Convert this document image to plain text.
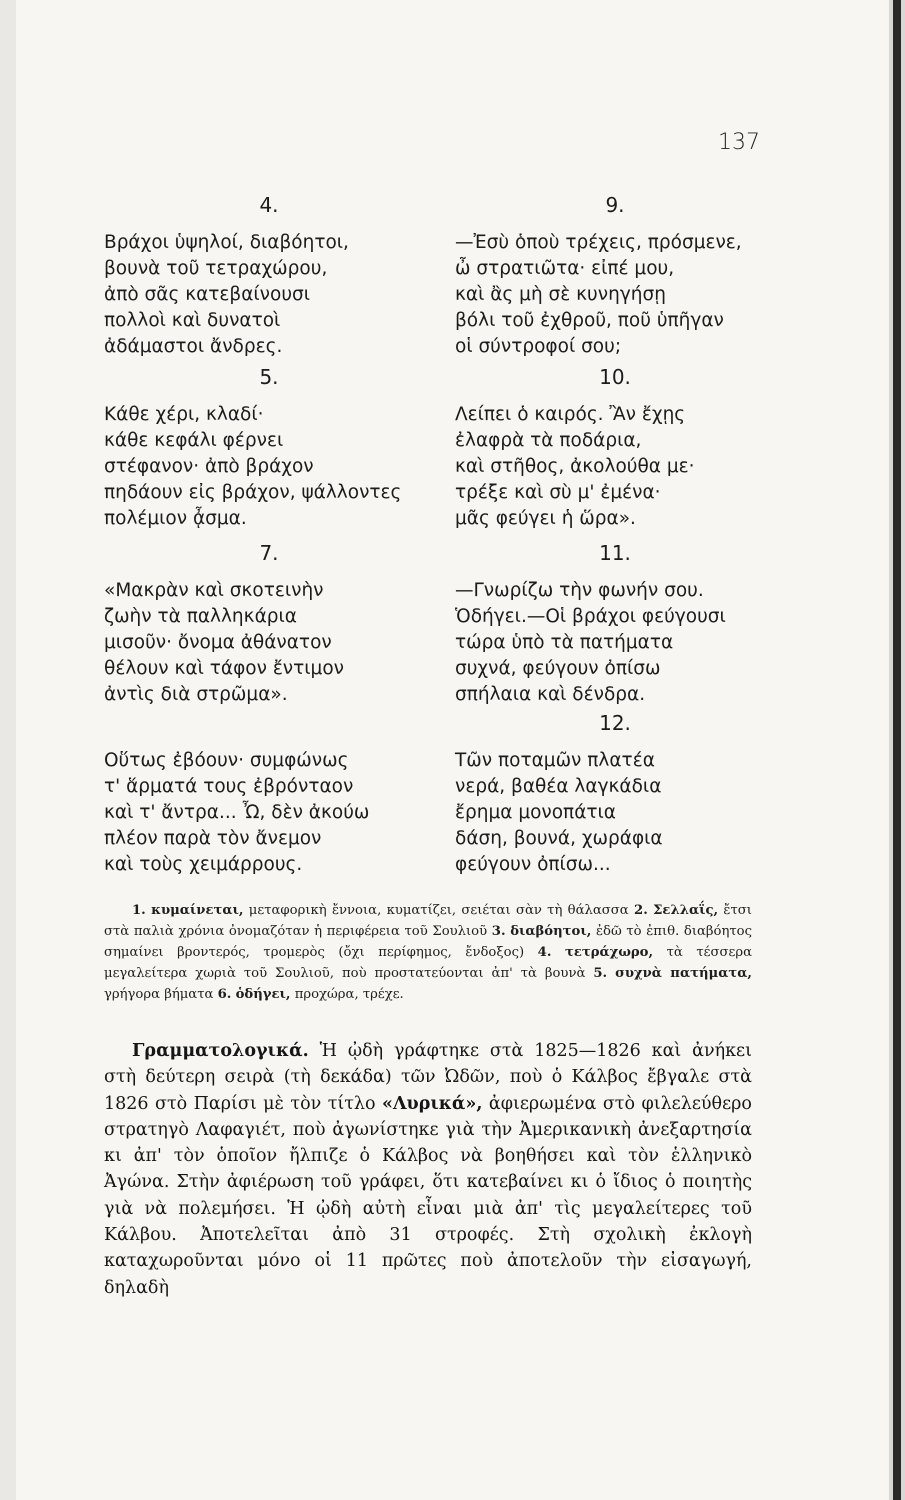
137
4.
Βράχοι ὑψηλοί, διαβόητοι,
βουνὰ τοῦ τετραχώρου,
ἀπὸ σᾶς κατεβαίνουσι
πολλοὶ καὶ δυνατοὶ
ἀδάμαστοι ἄνδρες.
5.
Κάθε χέρι, κλαδί·
κάθε κεφάλι φέρνει
στέφανον· ἀπὸ βράχον
πηδάουν εἰς βράχον, ψάλλοντες
πολέμιον ᾆσμα.
7.
«Μακρὰν καὶ σκοτεινὴν
ζωὴν τὰ παλληκάρια
μισοῦν· ὄνομα ἀθάνατον
θέλουν καὶ τάφον ἔντιμον
ἀντὶς διὰ στρῶμα».
Οὕτως ἐβόουν· συμφώνως
τ' ἅρματά τους ἐβρόνταον
καὶ τ' ἄντρα... Ὦ, δὲν ἀκούω
πλέον παρὰ τὸν ἄνεμον
καὶ τοὺς χειμάρρους.
9.
—Ἐσὺ ὁποὺ τρέχεις, πρόσμενε,
ὦ στρατιῶτα· εἰπέ μου,
καὶ ἂς μὴ σὲ κυνηγήσῃ
βόλι τοῦ ἐχθροῦ, ποῦ ὑπῆγαν
οἱ σύντροφοί σου;
10.
Λείπει ὁ καιρός. Ἂν ἔχῃς
ἐλαφρὰ τὰ ποδάρια,
καὶ στῆθος, ἀκολούθα με·
τρέξε καὶ σὺ μ' ἐμένα·
μᾶς φεύγει ἡ ὥρα».
11.
—Γνωρίζω τὴν φωνήν σου.
Ὁδήγει.—Οἱ βράχοι φεύγουσι
τώρα ὑπὸ τὰ πατήματα
συχνά, φεύγουν ὀπίσω
σπήλαια καὶ δένδρα.
12.
Τῶν ποταμῶν πλατέα
νερά, βαθέα λαγκάδια
ἔρημα μονοπάτια
δάση, βουνά, χωράφια
φεύγουν ὀπίσω...
1. κυμαίνεται, μεταφορικὴ ἔννοια, κυματίζει, σειέται σὰν τὴ θάλασσα 2. Σελλαΐς, ἔτσι στὰ παλιὰ χρόνια ὀνομαζόταν ἡ περιφέρεια τοῦ Σουλιοῦ 3. διαβόητοι, ἐδῶ τὸ ἐπιθ. διαβόητος σημαίνει βροντερός, τρομερὸς (ὄχι περίφημος, ἔνδοξος) 4. τετράχωρο, τὰ τέσσερα μεγαλείτερα χωριὰ τοῦ Σουλιοῦ, ποὺ προστατεύονται ἀπ' τὰ βουνὰ 5. συχνὰ πατήματα, γρήγορα βήματα 6. ὁδήγει, προχώρα, τρέχε.
Γραμματολογικά. Ἡ ᾠδὴ γράφτηκε στὰ 1825—1826 καὶ ἀνήκει στὴ δεύτερη σειρὰ (τὴ δεκάδα) τῶν Ὠδῶν, ποὺ ὁ Κάλβος ἔβγαλε στὰ 1826 στὸ Παρίσι μὲ τὸν τίτλο «Λυρικά», ἀφιερωμένα στὸ φιλελεύθερο στρατηγὸ Λαφαγιέτ, ποὺ ἀγωνίστηκε γιὰ τὴν Ἀμερικανικὴ ἀνεξαρτησία κι ἀπ' τὸν ὁποῖον ἤλπιζε ὁ Κάλβος νὰ βοηθήσει καὶ τὸν ἑλληνικὸ Ἀγώνα. Στὴν ἀφιέρωση τοῦ γράφει, ὅτι κατεβαίνει κι ὁ ἴδιος ὁ ποιητὴς γιὰ νὰ πολεμήσει. Ἡ ᾠδὴ αὐτὴ εἶναι μιὰ ἀπ' τὶς μεγαλείτερες τοῦ Κάλβου. Ἀποτελεῖται ἀπὸ 31 στροφές. Στὴ σχολικὴ ἐκλογὴ καταχωροῦνται μόνο οἱ 11 πρῶτες ποὺ ἀποτελοῦν τὴν εἰσαγωγή, δηλαδὴ
